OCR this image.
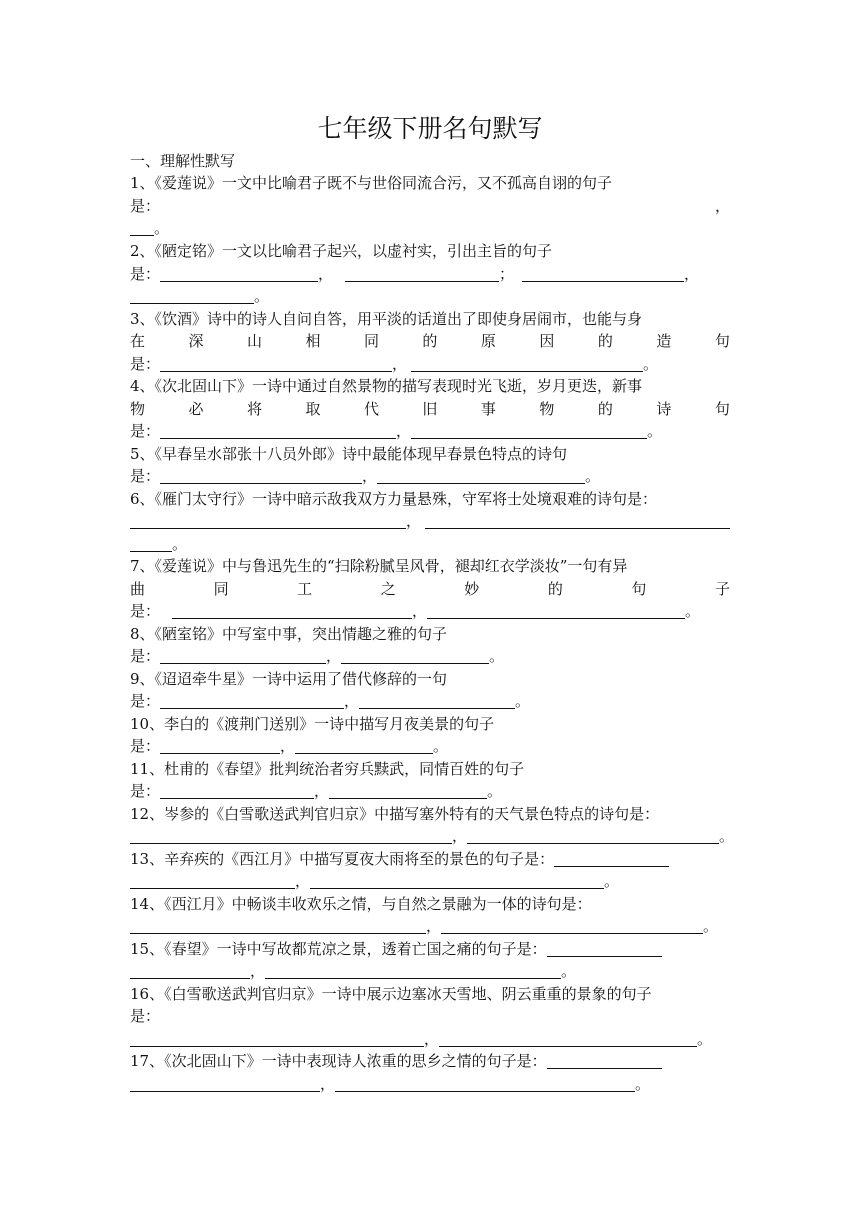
七年级下册名句默写
一、理解性默写
1、《爱莲说》一文中比喻君子既不与世俗同流合污，又不孤高自诩的句子
是：	，
。
2、《陋定铭》一文以比喻君子起兴，以虚衬实，引出主旨的句子
是：	，	；	，
。
3、《饮酒》诗中的诗人自问自答，用平淡的话道出了即使身居闹市，也能与身
在	深	山	相	同	的	原	因	的	造	句
是：	，	。
4、《次北固山下》一诗中通过自然景物的描写表现时光飞逝，岁月更迭，新事
物	必	将	取	代	旧	事	物	的	诗	句
是：	，	。
5、《早春呈水部张十八员外郎》诗中最能体现早春景色特点的诗句
是：	，	。
6、《雁门太守行》一诗中暗示敌我双方力量悬殊，守军将士处境艰难的诗句是：
，
。
7、《爱莲说》中与鲁迅先生的“扫除粉腻呈风骨，褪却红衣学淡妆”一句有异
曲	同	工	之	妙	的	句	子
是：	，	。
8、《陋室铭》中写室中事，突出情趣之雅的句子
是：	，	。
9、《迢迢牵牛星》一诗中运用了借代修辞的一句
是：	，	。
10、李白的《渡荆门送别》一诗中描写月夜美景的句子
是：	，	。
11、杜甫的《春望》批判统治者穷兵黩武，同情百姓的句子
是：	，	。
12、岑参的《白雪歌送武判官归京》中描写塞外特有的天气景色特点的诗句是：
，	。
13、辛弃疾的《西江月》中描写夏夜大雨将至的景色的句子是：
，	。
14、《西江月》中畅谈丰收欢乐之情，与自然之景融为一体的诗句是：
，	。
15、《春望》一诗中写故都荒凉之景，透着亡国之痛的句子是：
，	。
16、《白雪歌送武判官归京》一诗中展示边塞冰天雪地、阴云重重的景象的句子
是：
，	。
17、《次北固山下》一诗中表现诗人浓重的思乡之情的句子是：
，	。
